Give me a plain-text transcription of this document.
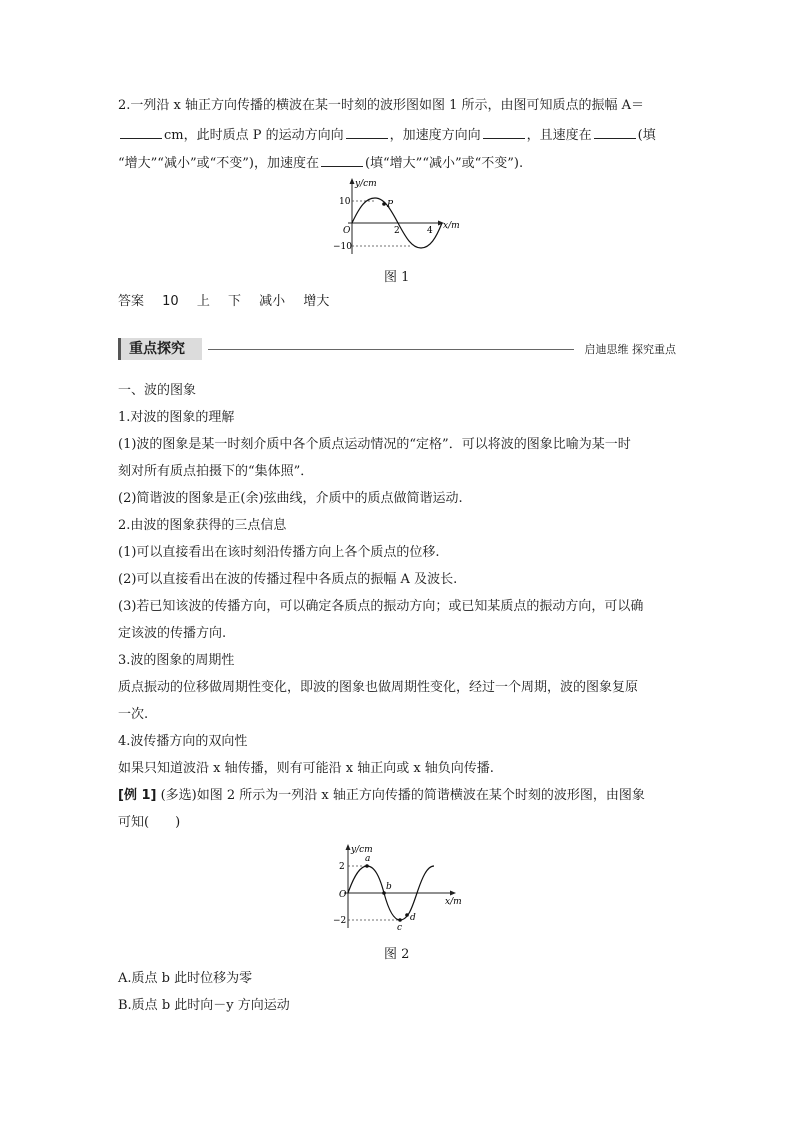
2.一列沿 x 轴正方向传播的横波在某一时刻的波形图如图 1 所示，由图可知质点的振幅 A＝
cm，此时质点 P 的运动方向向	，加速度方向向	，且速度在	(填
“增大”“减小”或“不变”)，加速度在	(填“增大”“减小”或“不变”).
y/cm
x/m
10
−10
O	2	4
P
图 1
答案 10 上 下 减小 增大
重点探究	启迪思维 探究重点
一、波的图象
1.对波的图象的理解
(1)波的图象是某一时刻介质中各个质点运动情况的“定格”．可以将波的图象比喻为某一时
刻对所有质点拍摄下的“集体照”．
(2)简谐波的图象是正(余)弦曲线，介质中的质点做简谐运动.
2.由波的图象获得的三点信息
(1)可以直接看出在该时刻沿传播方向上各个质点的位移.
(2)可以直接看出在波的传播过程中各质点的振幅 A 及波长.
(3)若已知该波的传播方向，可以确定各质点的振动方向；或已知某质点的振动方向，可以确
定该波的传播方向.
3.波的图象的周期性
质点振动的位移做周期性变化，即波的图象也做周期性变化，经过一个周期，波的图象复原
一次.
4.波传播方向的双向性
如果只知道波沿 x 轴传播，则有可能沿 x 轴正向或 x 轴负向传播.
[例 1] (多选)如图 2 所示为一列沿 x 轴正方向传播的简谐横波在某个时刻的波形图，由图象
可知(　　)
y/cm
x/m
2
−2
O
a
b
c
d
图 2
A.质点 b 此时位移为零
B.质点 b 此时向－y 方向运动
